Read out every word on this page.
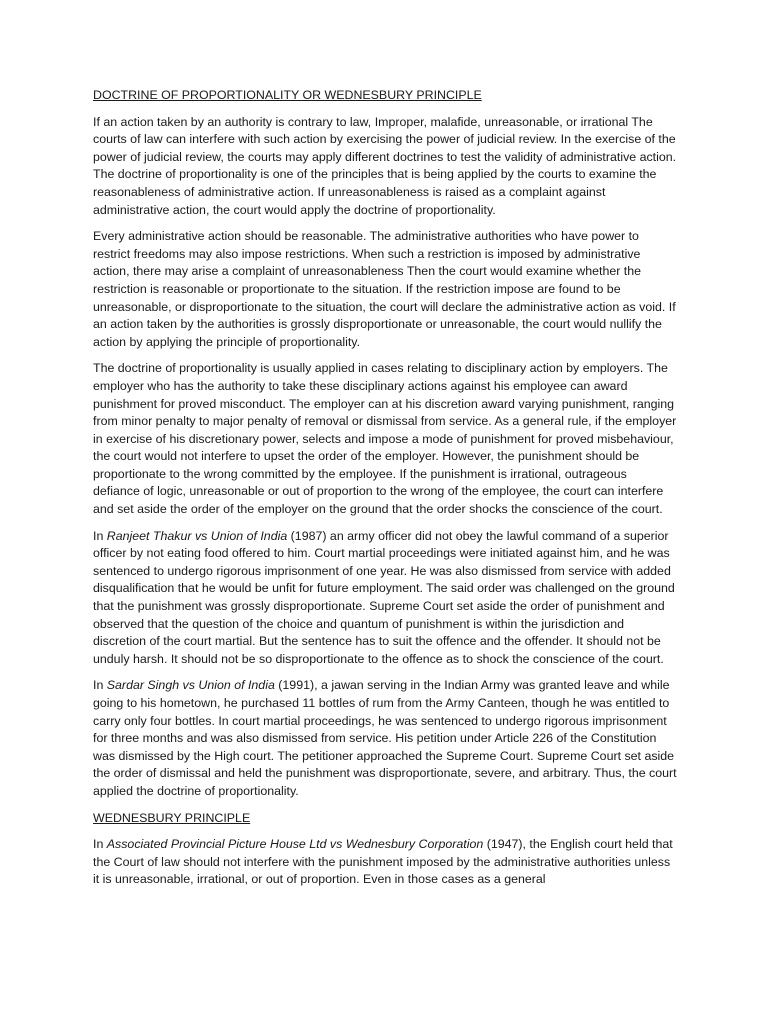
DOCTRINE OF PROPORTIONALITY OR WEDNESBURY PRINCIPLE

If an action taken by an authority is contrary to law, Improper, malafide, unreasonable, or irrational The courts of law can interfere with such action by exercising the power of judicial review. In the exercise of the power of judicial review, the courts may apply different doctrines to test the validity of administrative action. The doctrine of proportionality is one of the principles that is being applied by the courts to examine the reasonableness of administrative action. If unreasonableness is raised as a complaint against administrative action, the court would apply the doctrine of proportionality.

Every administrative action should be reasonable. The administrative authorities who have power to restrict freedoms may also impose restrictions. When such a restriction is imposed by administrative action, there may arise a complaint of unreasonableness Then the court would examine whether the restriction is reasonable or proportionate to the situation. If the restriction impose are found to be unreasonable, or disproportionate to the situation, the court will declare the administrative action as void. If an action taken by the authorities is grossly disproportionate or unreasonable, the court would nullify the action by applying the principle of proportionality.

The doctrine of proportionality is usually applied in cases relating to disciplinary action by employers. The employer who has the authority to take these disciplinary actions against his employee can award punishment for proved misconduct. The employer can at his discretion award varying punishment, ranging from minor penalty to major penalty of removal or dismissal from service. As a general rule, if the employer in exercise of his discretionary power, selects and impose a mode of punishment for proved misbehaviour, the court would not interfere to upset the order of the employer. However, the punishment should be proportionate to the wrong committed by the employee. If the punishment is irrational, outrageous defiance of logic, unreasonable or out of proportion to the wrong of the employee, the court can interfere and set aside the order of the employer on the ground that the order shocks the conscience of the court.

In Ranjeet Thakur vs Union of India (1987) an army officer did not obey the lawful command of a superior officer by not eating food offered to him. Court martial proceedings were initiated against him, and he was sentenced to undergo rigorous imprisonment of one year. He was also dismissed from service with added disqualification that he would be unfit for future employment. The said order was challenged on the ground that the punishment was grossly disproportionate. Supreme Court set aside the order of punishment and observed that the question of the choice and quantum of punishment is within the jurisdiction and discretion of the court martial. But the sentence has to suit the offence and the offender. It should not be unduly harsh. It should not be so disproportionate to the offence as to shock the conscience of the court.

In Sardar Singh vs Union of India (1991), a jawan serving in the Indian Army was granted leave and while going to his hometown, he purchased 11 bottles of rum from the Army Canteen, though he was entitled to carry only four bottles. In court martial proceedings, he was sentenced to undergo rigorous imprisonment for three months and was also dismissed from service. His petition under Article 226 of the Constitution was dismissed by the High court. The petitioner approached the Supreme Court. Supreme Court set aside the order of dismissal and held the punishment was disproportionate, severe, and arbitrary. Thus, the court applied the doctrine of proportionality.

WEDNESBURY PRINCIPLE

In Associated Provincial Picture House Ltd vs Wednesbury Corporation (1947), the English court held that the Court of law should not interfere with the punishment imposed by the administrative authorities unless it is unreasonable, irrational, or out of proportion. Even in those cases as a general
